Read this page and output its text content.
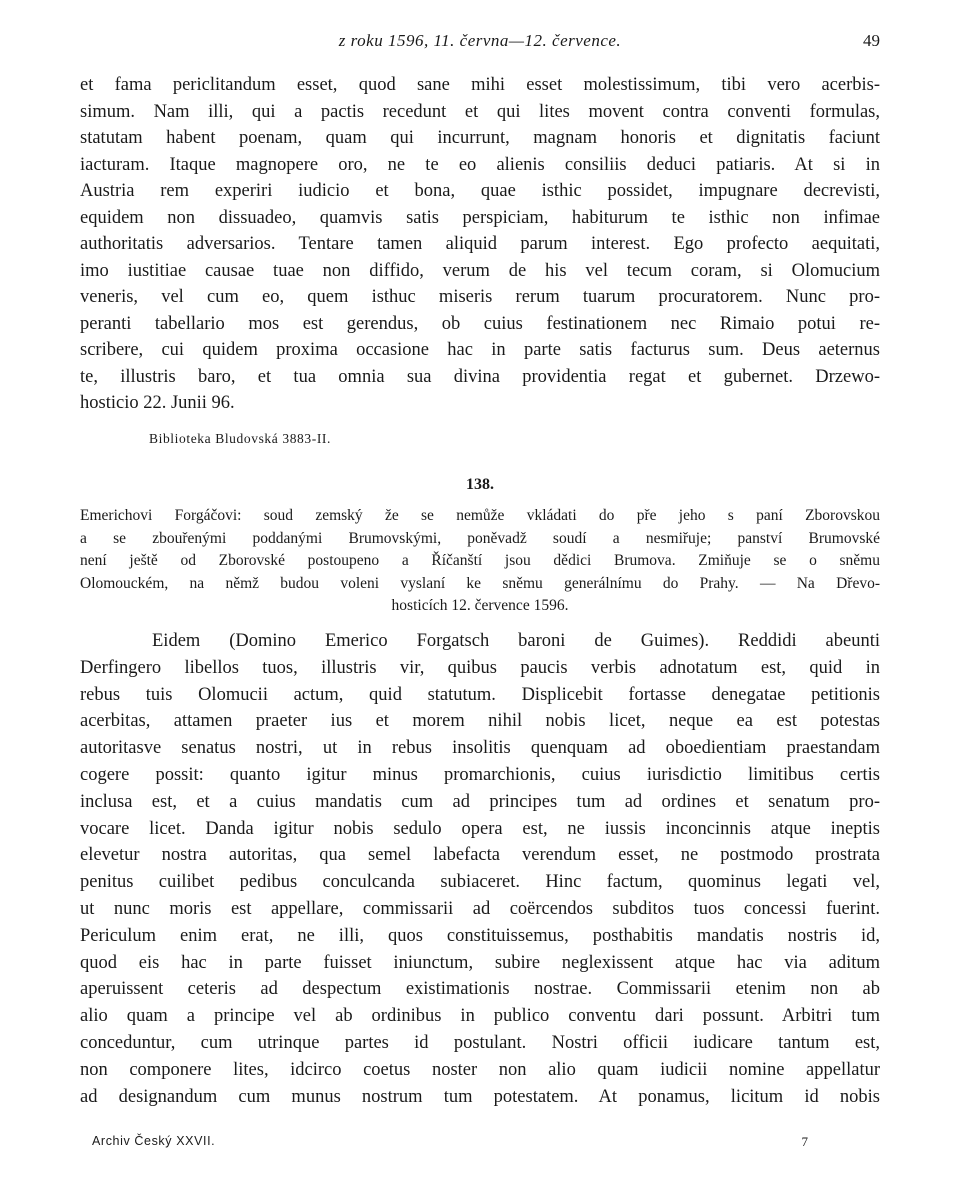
z roku 1596, 11. června—12. července.	49
et fama periclitandum esset, quod sane mihi esset molestissimum, tibi vero acerbis-
simum. Nam illi, qui a pactis recedunt et qui lites movent contra conventi formulas,
statutam habent poenam, quam qui incurrunt, magnam honoris et dignitatis faciunt
iacturam. Itaque magnopere oro, ne te eo alienis consiliis deduci patiaris. At si in
Austria rem experiri iudicio et bona, quae isthic possidet, impugnare decrevisti,
equidem non dissuadeo, quamvis satis perspiciam, habiturum te isthic non infimae
authoritatis adversarios. Tentare tamen aliquid parum interest. Ego profecto aequitati,
imo iustitiae causae tuae non diffido, verum de his vel tecum coram, si Olomucium
veneris, vel cum eo, quem isthuc miseris rerum tuarum procuratorem. Nunc pro-
peranti tabellario mos est gerendus, ob cuius festinationem nec Rimaio potui re-
scribere, cui quidem proxima occasione hac in parte satis facturus sum. Deus aeternus
te, illustris baro, et tua omnia sua divina providentia regat et gubernet. Drzewo-
hosticio 22. Junii 96.
Biblioteka Bludovská 3883-II.
138.
Emerichovi Forgáčovi: soud zemský že se nemůže vkládati do pře jeho s paní Zborovskou
a se zbouřenými poddanými Brumovskými, poněvadž soudí a nesmiřuje; panství Brumovské
není ještě od Zborovské postoupeno a Říčanští jsou dědici Brumova. Zmiňuje se o sněmu
Olomouckém, na němž budou voleni vyslaní ke sněmu generálnímu do Prahy. — Na Dřevo-
hosticích 12. července 1596.
Eidem (Domino Emerico Forgatsch baroni de Guimes). Reddidi abeunti
Derfingero libellos tuos, illustris vir, quibus paucis verbis adnotatum est, quid in
rebus tuis Olomucii actum, quid statutum. Displicebit fortasse denegatae petitionis
acerbitas, attamen praeter ius et morem nihil nobis licet, neque ea est potestas
autoritasve senatus nostri, ut in rebus insolitis quenquam ad oboedientiam praestandam
cogere possit: quanto igitur minus promarchionis, cuius iurisdictio limitibus certis
inclusa est, et a cuius mandatis cum ad principes tum ad ordines et senatum pro-
vocare licet. Danda igitur nobis sedulo opera est, ne iussis inconcinnis atque ineptis
elevetur nostra autoritas, qua semel labefacta verendum esset, ne postmodo prostrata
penitus cuilibet pedibus conculcanda subiaceret. Hinc factum, quominus legati vel,
ut nunc moris est appellare, commissarii ad coërcendos subditos tuos concessi fuerint.
Periculum enim erat, ne illi, quos constituissemus, posthabitis mandatis nostris id,
quod eis hac in parte fuisset iniunctum, subire neglexissent atque hac via aditum
aperuissent ceteris ad despectum existimationis nostrae. Commissarii etenim non ab
alio quam a principe vel ab ordinibus in publico conventu dari possunt. Arbitri tum
conceduntur, cum utrinque partes id postulant. Nostri officii iudicare tantum est,
non componere lites, idcirco coetus noster non alio quam iudicii nomine appellatur
ad designandum cum munus nostrum tum potestatem. At ponamus, licitum id nobis
Archiv Český XXVII.	7
